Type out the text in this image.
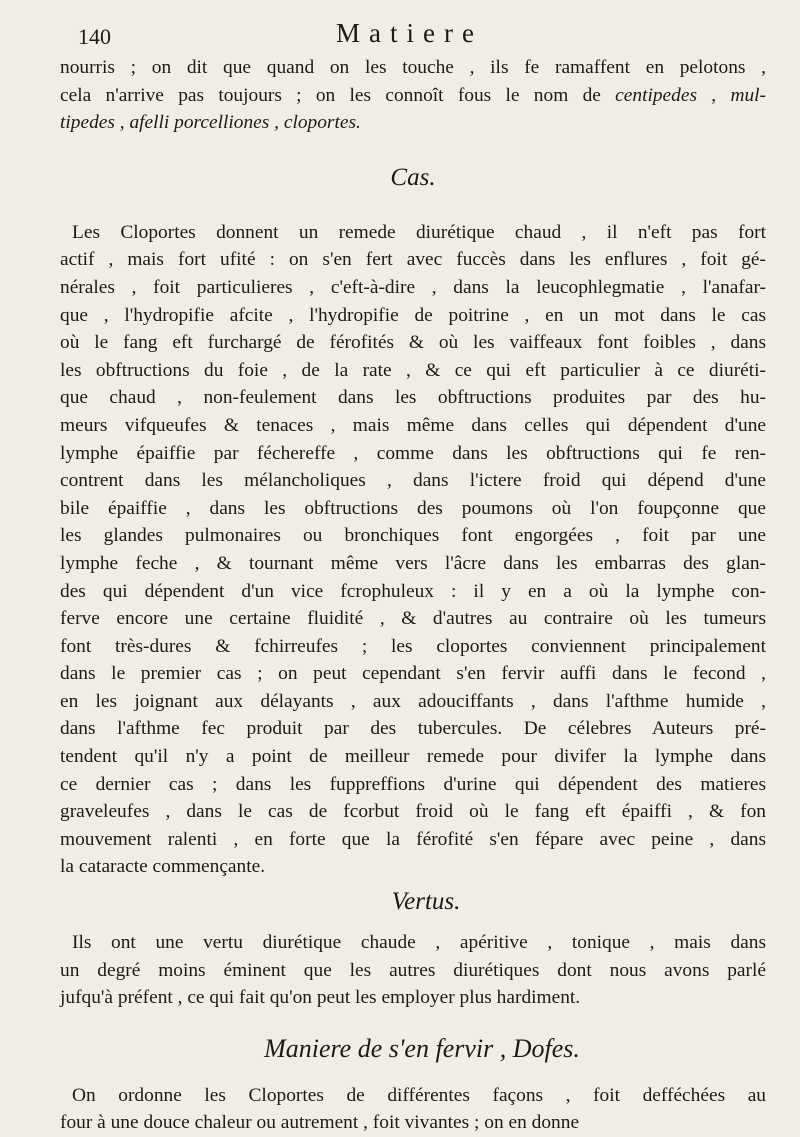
140	Matiere
nourris ; on dit que quand on les touche , ils fe ramaffent en pelotons ,
cela n'arrive pas toujours ; on les connoît fous le nom de centipedes , mul-
tipedes , afelli porcelliones , cloportes.

Cas.

Les Cloportes donnent un remede diurétique chaud , il n'eft pas fort
actif , mais fort ufité : on s'en fert avec fuccès dans les enflures , foit gé-
nérales , foit particulieres , c'eft-à-dire , dans la leucophlegmatie , l'anafar-
que , l'hydropifie afcite , l'hydropifie de poitrine , en un mot dans le cas
où le fang eft furchargé de férofités & où les vaiffeaux font foibles , dans
les obftructions du foie , de la rate , & ce qui eft particulier à ce diuréti-
que chaud , non-feulement dans les obftructions produites par des hu-
meurs vifqueufes & tenaces , mais même dans celles qui dépendent d'une
lymphe épaiffie par féchereffe , comme dans les obftructions qui fe ren-
contrent dans les mélancholiques , dans l'ictere froid qui dépend d'une
bile épaiffie , dans les obftructions des poumons où l'on foupçonne que
les glandes pulmonaires ou bronchiques font engorgées , foit par une
lymphe feche , & tournant même vers l'âcre dans les embarras des glan-
des qui dépendent d'un vice fcrophuleux : il y en a où la lymphe con-
ferve encore une certaine fluidité , & d'autres au contraire où les tumeurs
font très-dures & fchirreufes ; les cloportes conviennent principalement
dans le premier cas ; on peut cependant s'en fervir auffi dans le fecond ,
en les joignant aux délayants , aux adouciffants , dans l'afthme humide ,
dans l'afthme fec produit par des tubercules. De célebres Auteurs pré-
tendent qu'il n'y a point de meilleur remede pour divifer la lymphe dans
ce dernier cas ; dans les fuppreffions d'urine qui dépendent des matieres
graveleufes , dans le cas de fcorbut froid où le fang eft épaiffi , & fon
mouvement ralenti , en forte que la férofité s'en fépare avec peine , dans
la cataracte commençante.

Vertus.

Ils ont une vertu diurétique chaude , apéritive , tonique , mais dans
un degré moins éminent que les autres diurétiques dont nous avons parlé
jufqu'à préfent , ce qui fait qu'on peut les employer plus hardiment.

Maniere de s'en fervir , Dofes.

On ordonne les Cloportes de différentes façons , foit defféchées au
four à une douce chaleur ou autrement , foit vivantes ; on en donne
